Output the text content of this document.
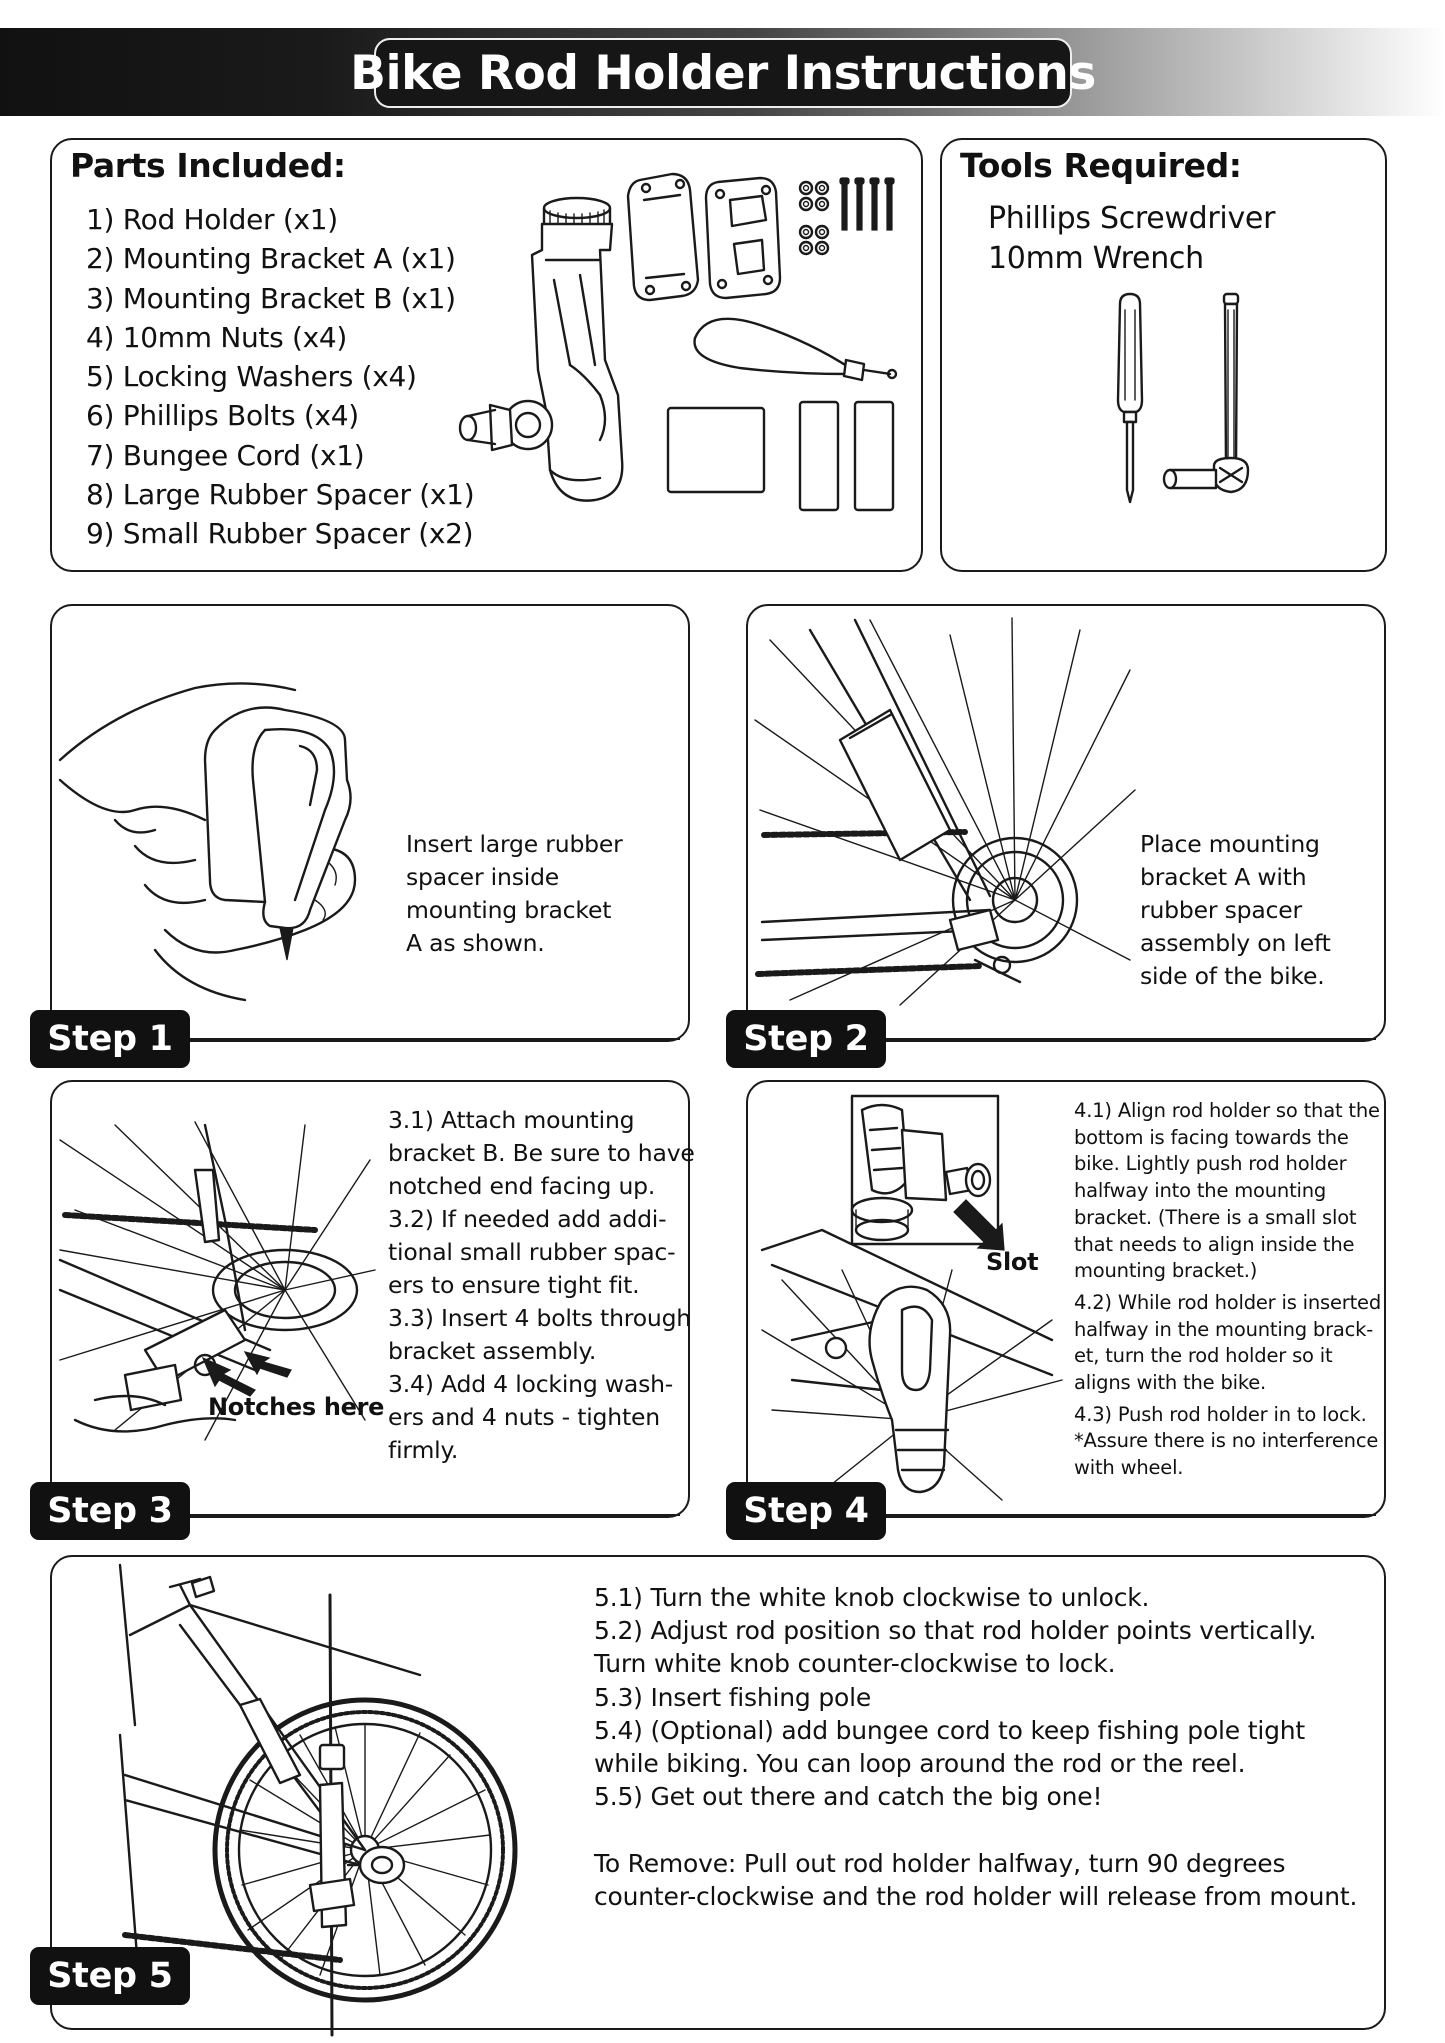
Bike Rod Holder Instructions
Parts Included:
1) Rod Holder (x1)
2) Mounting Bracket A (x1)
3) Mounting Bracket B (x1)
4) 10mm Nuts (x4)
5) Locking Washers (x4)
6) Phillips Bolts (x4)
7) Bungee Cord (x1)
8) Large Rubber Spacer (x1)
9) Small Rubber Spacer (x2)
Tools Required:
Phillips Screwdriver
10mm Wrench
Insert large rubber
spacer inside
mounting bracket
A as shown.
Step 1
Place mounting
bracket A with
rubber spacer
assembly on left
side of the bike.
Step 2
3.1) Attach mounting
bracket B. Be sure to have
notched end facing up.
3.2) If needed add addi-
tional small rubber spac-
ers to ensure tight fit.
3.3) Insert 4 bolts through
bracket assembly.
3.4) Add 4 locking wash-
ers and 4 nuts - tighten
firmly.
Notches here
Step 3
4.1) Align rod holder so that the
bottom is facing towards the
bike. Lightly push rod holder
halfway into the mounting
bracket. (There is a small slot
that needs to align inside the
mounting bracket.)
4.2) While rod holder is inserted
halfway in the mounting brack-
et, turn the rod holder so it
aligns with the bike.
4.3) Push rod holder in to lock.
*Assure there is no interference
with wheel.
Slot
Step 4
5.1) Turn the white knob clockwise to unlock.
5.2) Adjust rod position so that rod holder points vertically.
Turn white knob counter-clockwise to lock.
5.3) Insert fishing pole
5.4) (Optional) add bungee cord to keep fishing pole tight
while biking. You can loop around the rod or the reel.
5.5) Get out there and catch the big one!
To Remove: Pull out rod holder halfway, turn 90 degrees
counter-clockwise and the rod holder will release from mount.
Step 5
